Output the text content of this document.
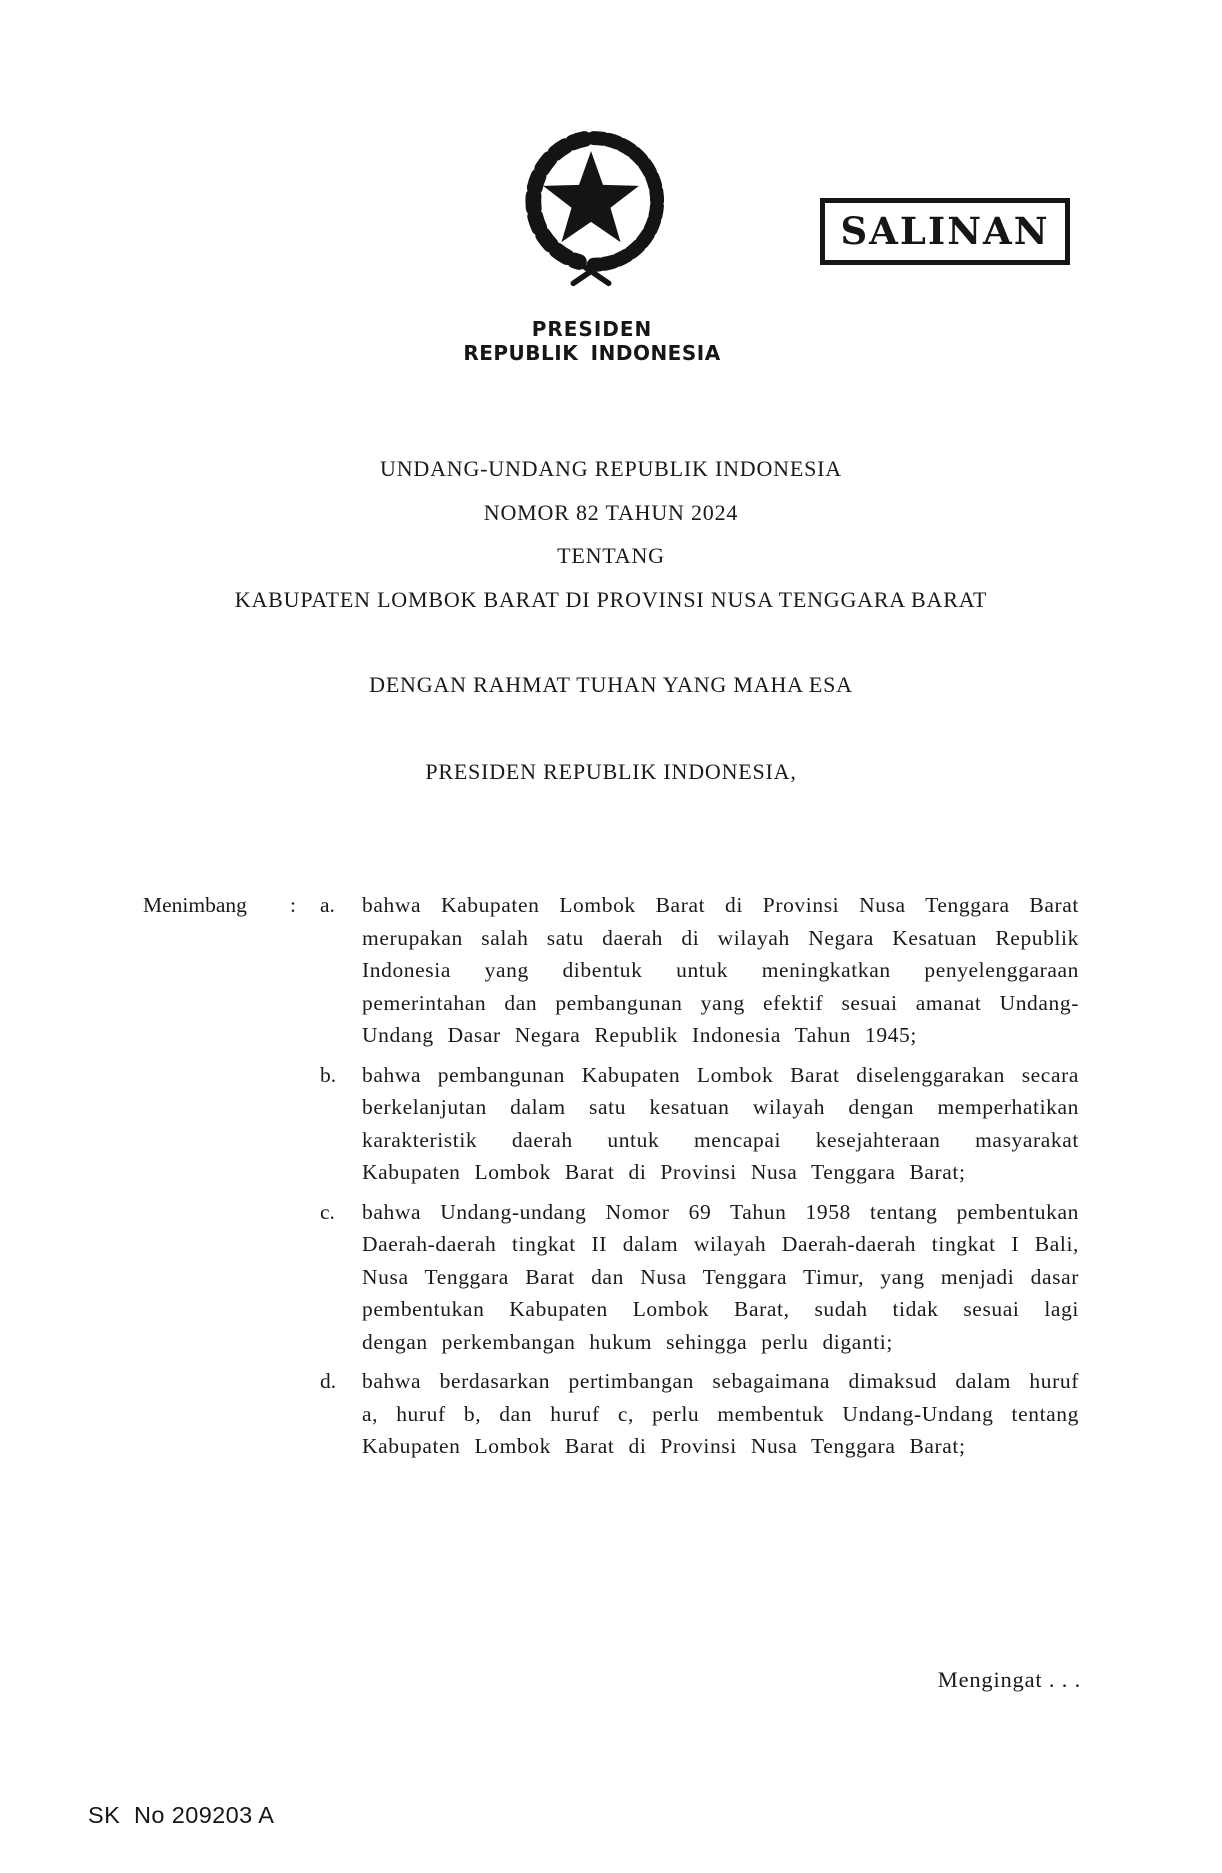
SALINAN
PRESIDEN
REPUBLIK INDONESIA
UNDANG-UNDANG REPUBLIK INDONESIA
NOMOR 82 TAHUN 2024
TENTANG
KABUPATEN LOMBOK BARAT DI PROVINSI NUSA TENGGARA BARAT
DENGAN RAHMAT TUHAN YANG MAHA ESA
PRESIDEN REPUBLIK INDONESIA,
Menimbang : a.	bahwa Kabupaten Lombok Barat di Provinsi Nusa Tenggara Barat merupakan salah satu daerah di wilayah Negara Kesatuan Republik Indonesia yang dibentuk untuk meningkatkan penyelenggaraan pemerintahan dan pembangunan yang efektif sesuai amanat Undang-Undang Dasar Negara Republik Indonesia Tahun 1945;
b.	bahwa pembangunan Kabupaten Lombok Barat diselenggarakan secara berkelanjutan dalam satu kesatuan wilayah dengan memperhatikan karakteristik daerah untuk mencapai kesejahteraan masyarakat Kabupaten Lombok Barat di Provinsi Nusa Tenggara Barat;
c.	bahwa Undang-undang Nomor 69 Tahun 1958 tentang pembentukan Daerah-daerah tingkat II dalam wilayah Daerah-daerah tingkat I Bali, Nusa Tenggara Barat dan Nusa Tenggara Timur, yang menjadi dasar pembentukan Kabupaten Lombok Barat, sudah tidak sesuai lagi dengan perkembangan hukum sehingga perlu diganti;
d.	bahwa berdasarkan pertimbangan sebagaimana dimaksud dalam huruf a, huruf b, dan huruf c, perlu membentuk Undang-Undang tentang Kabupaten Lombok Barat di Provinsi Nusa Tenggara Barat;
Mengingat . . .
SK  No 209203 A
